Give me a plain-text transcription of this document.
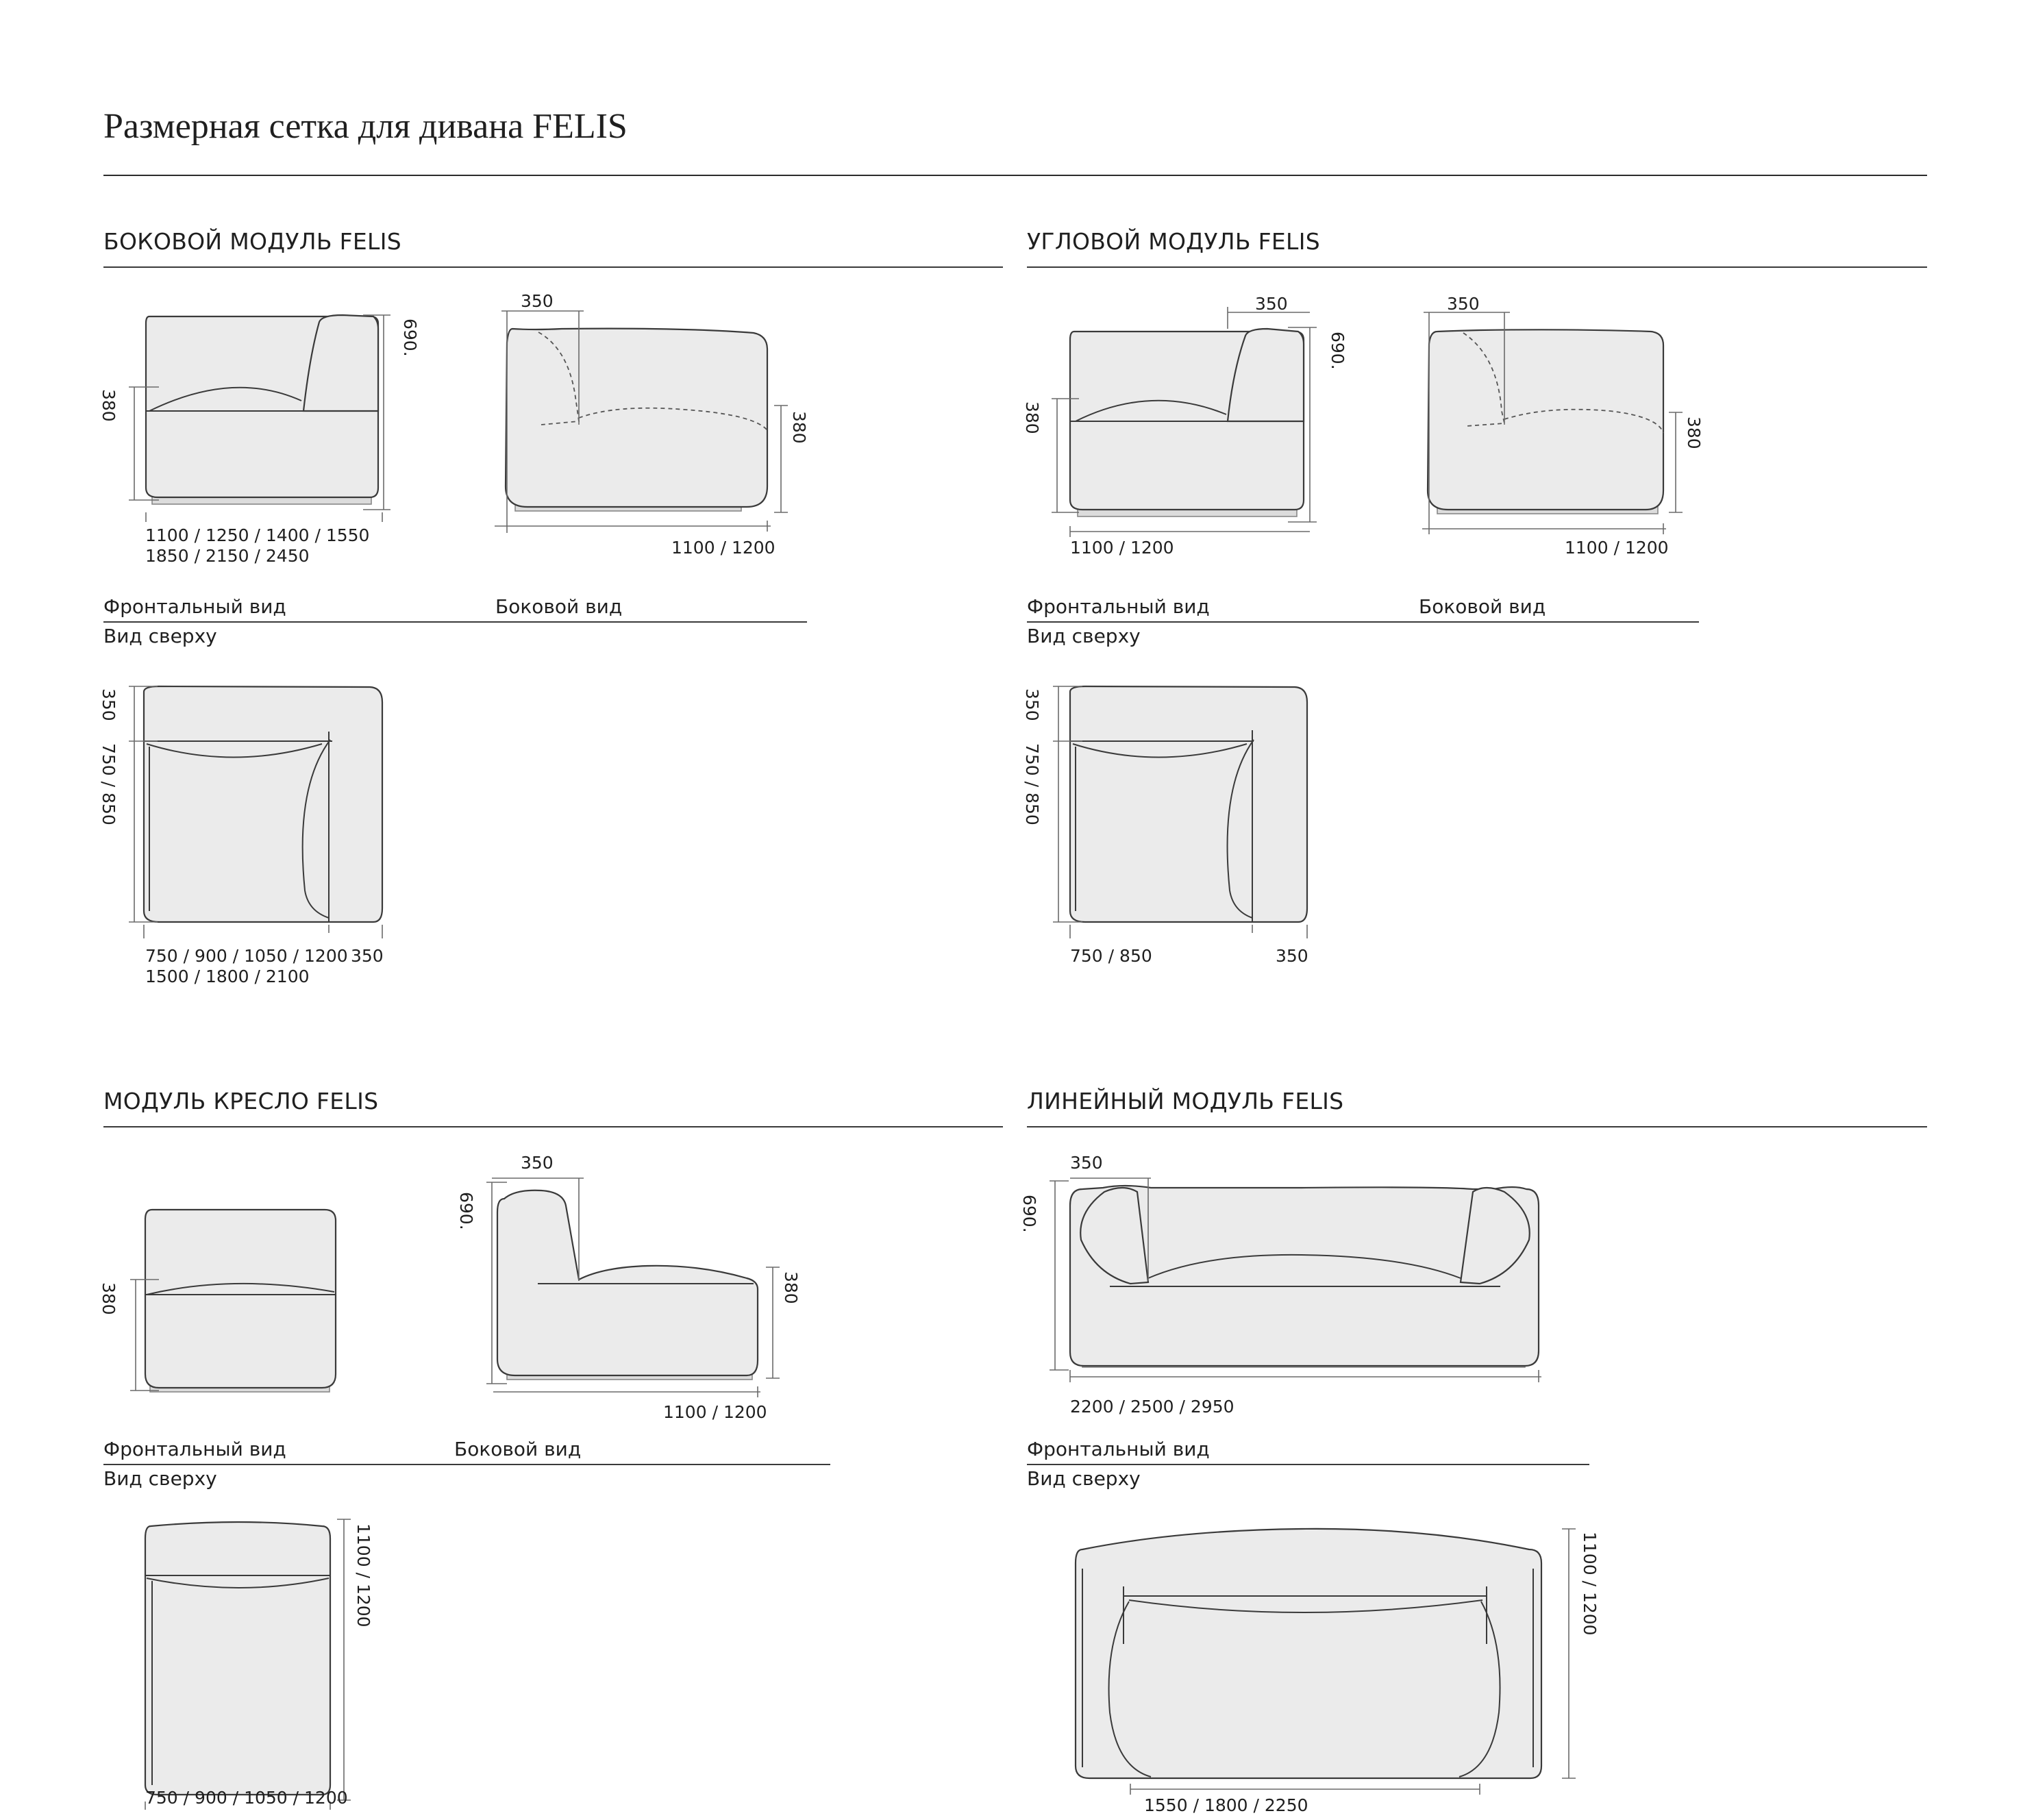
Размерная сетка для дивана FELIS
БОКОВОЙ МОДУЛЬ FELIS	УГЛОВОЙ МОДУЛЬ FELIS
МОДУЛЬ КРЕСЛО FELIS	ЛИНЕЙНЫЙ МОДУЛЬ FELIS
Фронтальный вид	Боковой вид
Вид сверху
Фронтальный вид	Боковой вид
Вид сверху
Фронтальный вид	Боковой вид
Вид сверху
Фронтальный вид
Вид сверху
380
690.
1100 / 1250 / 1400 / 1550
1850 / 2150 / 2450
350
380
1100 / 1200
350
750 / 850
750 / 900 / 1050 / 1200
1500 / 1800 / 2100
350
350
380
690.
1100 / 1200
350
380
1100 / 1200
350
750 / 850
750 / 850	350
380
350
690.
380
1100 / 1200
1100 / 1200
750 / 900 / 1050 / 1200
350
690.
2200 / 2500 / 2950
1100 / 1200
1550 / 1800 / 2250
